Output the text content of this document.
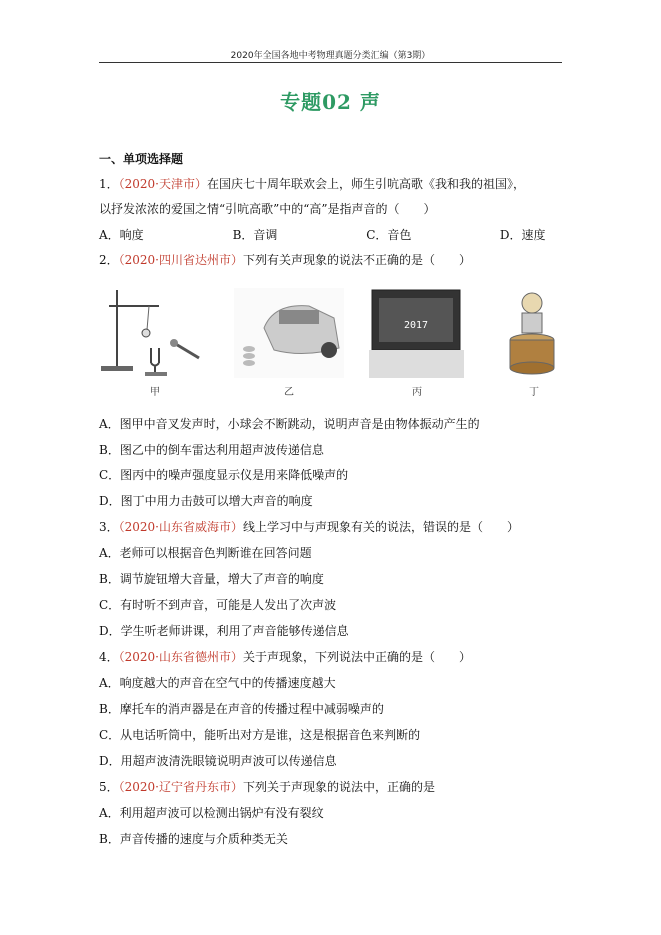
2020年全国各地中考物理真题分类汇编（第3期）
专题02 声
一、单项选择题
1．（2020·天津市）在国庆七十周年联欢会上，师生引吭高歌《我和我的祖国》，
以抒发浓浓的爱国之情“引吭高歌”中的“高”是指声音的（　　）
A．响度	B．音调	C．音色	D．速度
2．（2020·四川省达州市）下列有关声现象的说法不正确的是（　　）
2017
甲	乙	丙	丁
A．图甲中音叉发声时，小球会不断跳动，说明声音是由物体振动产生的
B．图乙中的倒车雷达利用超声波传递信息
C．图丙中的噪声强度显示仪是用来降低噪声的
D．图丁中用力击鼓可以增大声音的响度
3．（2020·山东省威海市）线上学习中与声现象有关的说法，错误的是（　　）
A．老师可以根据音色判断谁在回答问题
B．调节旋钮增大音量，增大了声音的响度
C．有时听不到声音，可能是人发出了次声波
D．学生听老师讲课，利用了声音能够传递信息
4．（2020·山东省德州市）关于声现象，下列说法中正确的是（　　）
A．响度越大的声音在空气中的传播速度越大
B．摩托车的消声器是在声音的传播过程中减弱噪声的
C．从电话听筒中，能听出对方是谁，这是根据音色来判断的
D．用超声波清洗眼镜说明声波可以传递信息
5．（2020·辽宁省丹东市）下列关于声现象的说法中，正确的是
A．利用超声波可以检测出锅炉有没有裂纹
B．声音传播的速度与介质种类无关
